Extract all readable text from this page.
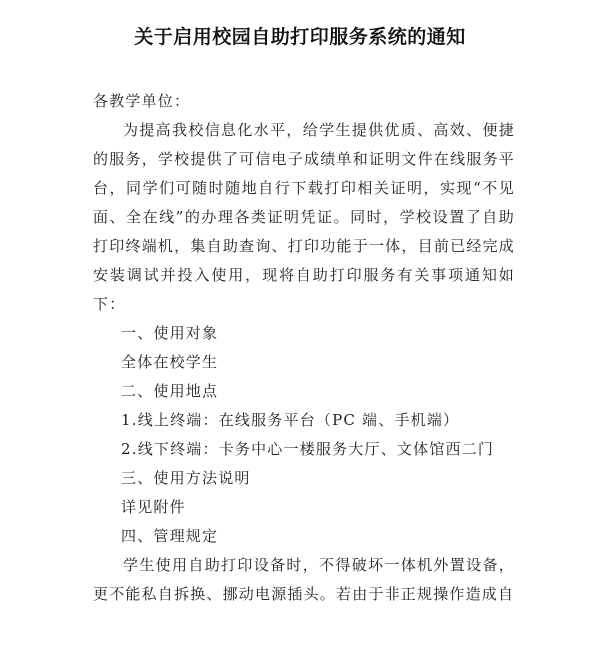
关于启用校园自助打印服务系统的通知

各教学单位：

为提高我校信息化水平，给学生提供优质、高效、便捷的服务，学校提供了可信电子成绩单和证明文件在线服务平台，同学们可随时随地自行下载打印相关证明，实现“不见面、全在线”的办理各类证明凭证。同时，学校设置了自助打印终端机，集自助查询、打印功能于一体，目前已经完成安装调试并投入使用，现将自助打印服务有关事项通知如下：

一、使用对象

全体在校学生

二、使用地点

1.线上终端：在线服务平台（PC 端、手机端）

2.线下终端：卡务中心一楼服务大厅、文体馆西二门

三、使用方法说明

详见附件

四、管理规定

学生使用自助打印设备时，不得破坏一体机外置设备，更不能私自拆换、挪动电源插头。若由于非正规操作造成自
